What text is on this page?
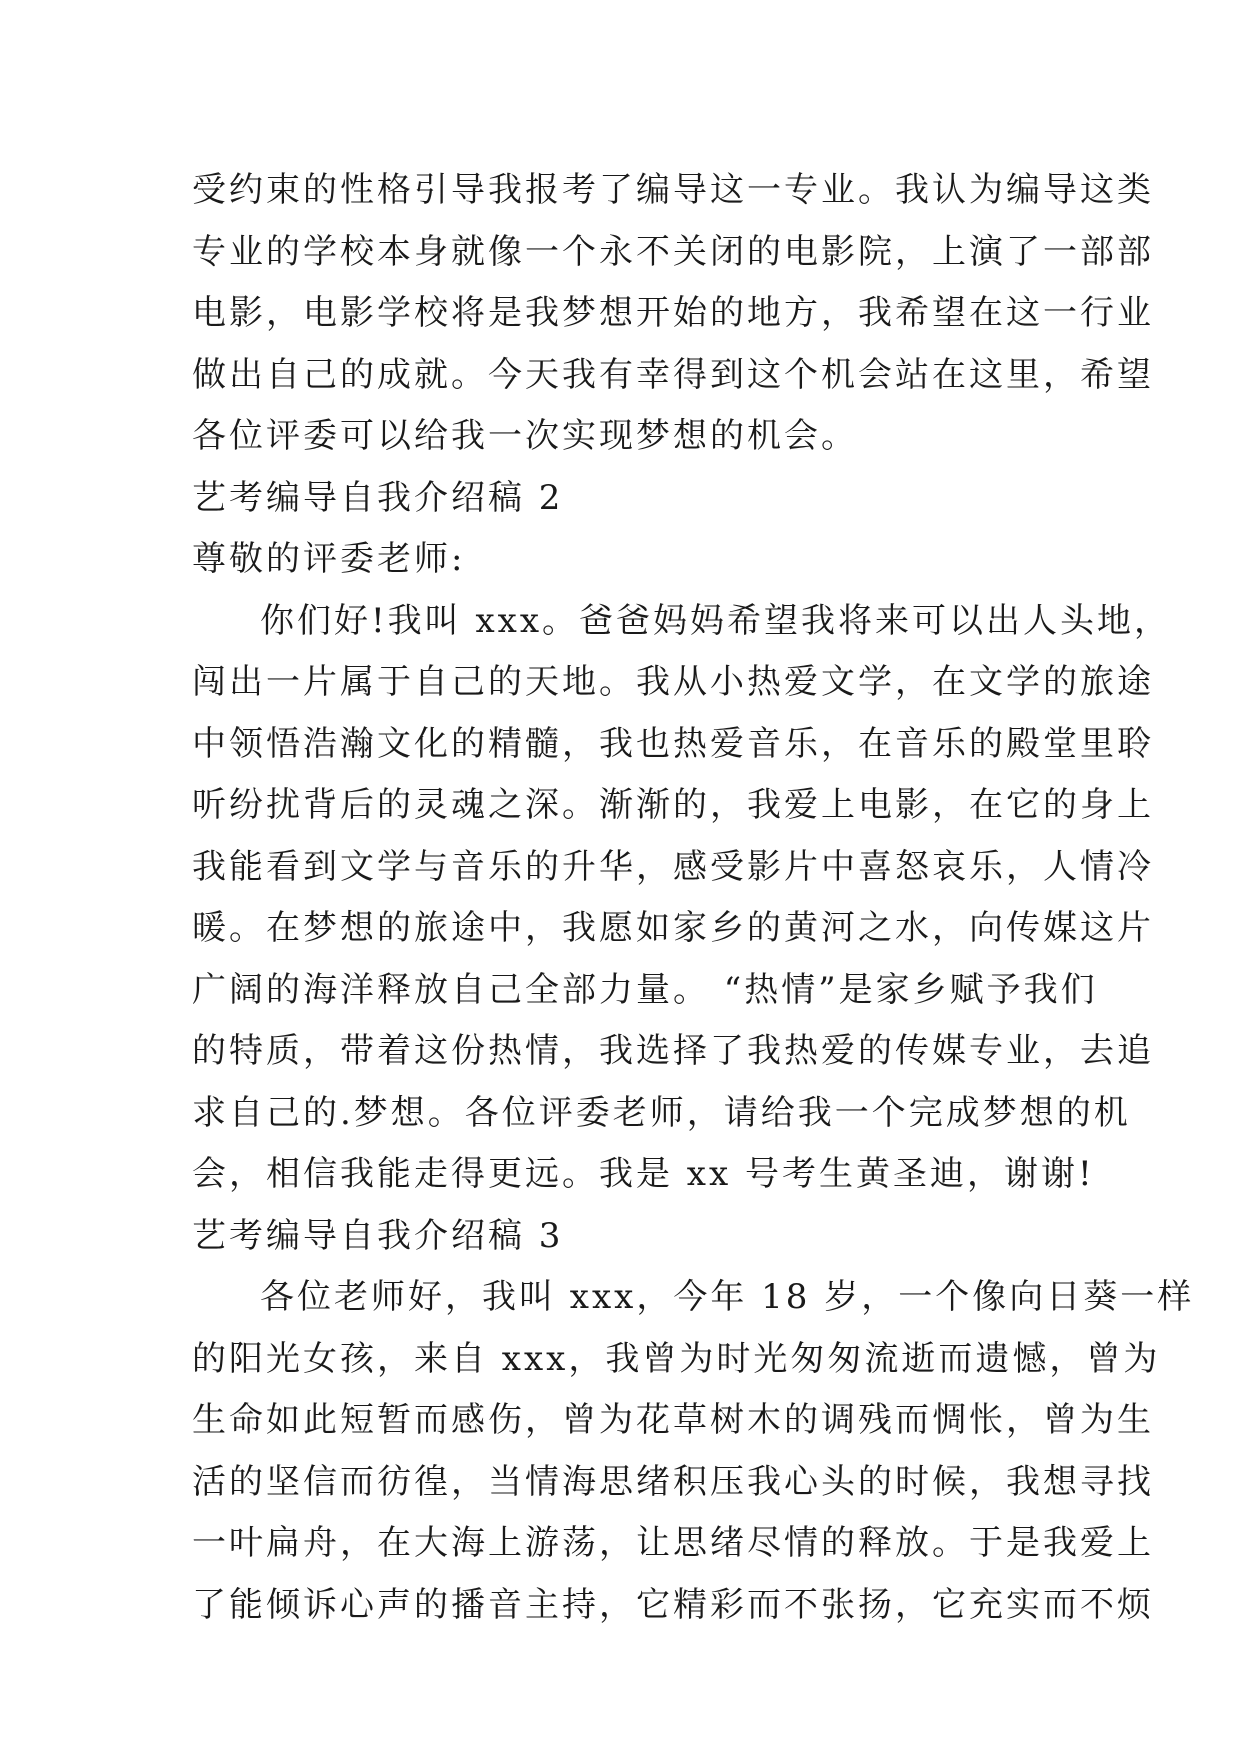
受约束的性格引导我报考了编导这一专业。我认为编导这类
专业的学校本身就像一个永不关闭的电影院，上演了一部部
电影，电影学校将是我梦想开始的地方，我希望在这一行业
做出自己的成就。今天我有幸得到这个机会站在这里，希望
各位评委可以给我一次实现梦想的机会。
艺考编导自我介绍稿 2
尊敬的评委老师:
你们好!我叫 xxx。爸爸妈妈希望我将来可以出人头地，
闯出一片属于自己的天地。我从小热爱文学，在文学的旅途
中领悟浩瀚文化的精髓，我也热爱音乐，在音乐的殿堂里聆
听纷扰背后的灵魂之深。渐渐的，我爱上电影，在它的身上
我能看到文学与音乐的升华，感受影片中喜怒哀乐，人情冷
暖。在梦想的旅途中，我愿如家乡的黄河之水，向传媒这片
广阔的海洋释放自己全部力量。 “热情”是家乡赋予我们
的特质，带着这份热情，我选择了我热爱的传媒专业，去追
求自己的.梦想。各位评委老师，请给我一个完成梦想的机
会，相信我能走得更远。我是 xx 号考生黄圣迪，谢谢!
艺考编导自我介绍稿 3
各位老师好，我叫 xxx，今年 18 岁，一个像向日葵一样
的阳光女孩，来自 xxx，我曾为时光匆匆流逝而遗憾，曾为
生命如此短暂而感伤，曾为花草树木的调残而惆怅，曾为生
活的坚信而彷徨，当情海思绪积压我心头的时候，我想寻找
一叶扁舟，在大海上游荡，让思绪尽情的释放。于是我爱上
了能倾诉心声的播音主持，它精彩而不张扬，它充实而不烦
